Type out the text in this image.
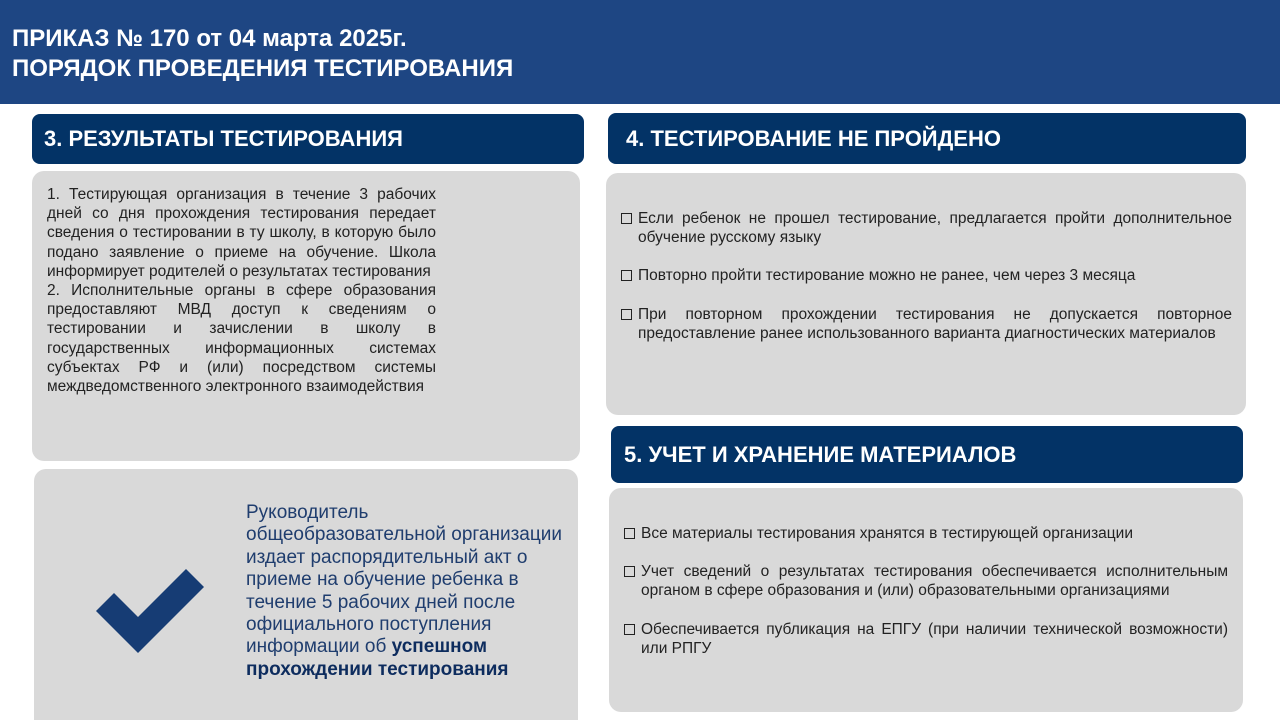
ПРИКАЗ № 170 от 04 марта 2025г.
ПОРЯДОК ПРОВЕДЕНИЯ ТЕСТИРОВАНИЯ
3. РЕЗУЛЬТАТЫ ТЕСТИРОВАНИЯ
1. Тестирующая организация в течение 3 рабочих дней со дня прохождения тестирования передает сведения о тестировании в ту школу, в которую было подано заявление о приеме на обучение. Школа информирует родителей о результатах тестирования
2. Исполнительные органы в сфере образования предоставляют МВД доступ к сведениям о тестировании и зачислении в школу в государственных информационных системах субъектах РФ и (или) посредством системы междведомственного электронного взаимодействия
Руководитель общеобразовательной организации издает распорядительный акт о приеме на обучение ребенка в течение 5 рабочих дней после официального поступления информации об успешном прохождении тестирования
4. ТЕСТИРОВАНИЕ НЕ ПРОЙДЕНО
Если ребенок не прошел тестирование, предлагается пройти дополнительное обучение русскому языку
Повторно пройти тестирование можно не ранее, чем через 3 месяца
При повторном прохождении тестирования не допускается повторное предоставление ранее использованного варианта диагностических материалов
5. УЧЕТ И ХРАНЕНИЕ МАТЕРИАЛОВ
Все материалы тестирования хранятся в тестирующей организации
Учет сведений о результатах тестирования обеспечивается исполнительным органом в сфере образования и (или) образовательными организациями
Обеспечивается публикация на ЕПГУ (при наличии технической возможности) или РПГУ
